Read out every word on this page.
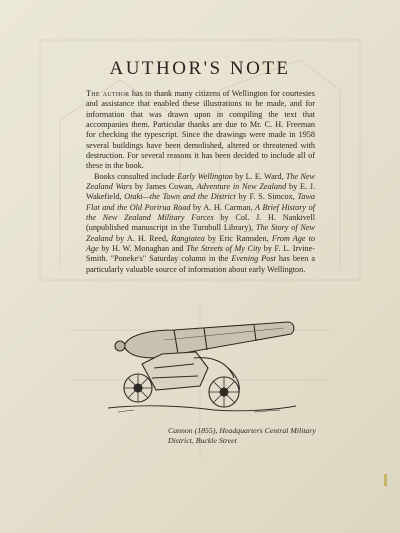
AUTHOR'S NOTE

The author has to thank many citizens of Wellington for courtesies and assistance that enabled these illustrations to be made, and for information that was drawn upon in compiling the text that accompanies them. Particular thanks are due to Mr. C. H. Freeman for checking the typescript. Since the drawings were made in 1958 several buildings have been demolished, altered or threatened with destruction. For several reasons it has been decided to include all of these in the book.

Books consulted include Early Wellington by L. E. Ward, The New Zealand Wars by James Cowan, Adventure in New Zealand by E. J. Wakefield, Otaki—the Town and the District by F. S. Simcox, Tawa Flat and the Old Porirua Road by A. H. Carman, A Brief History of the New Zealand Military Forces by Col. J. H. Nankivell (unpublished manuscript in the Turnbull Library), The Story of New Zealand by A. H. Reed, Rangiatea by Eric Ramsden, From Age to Age by H. W. Monaghan and The Streets of My City by F. L. Irvine-Smith. "Poneke's" Saturday column in the Evening Post has been a particularly valuable source of information about early Wellington.

Cannon (1855), Headquarters Central Military District, Buckle Street
